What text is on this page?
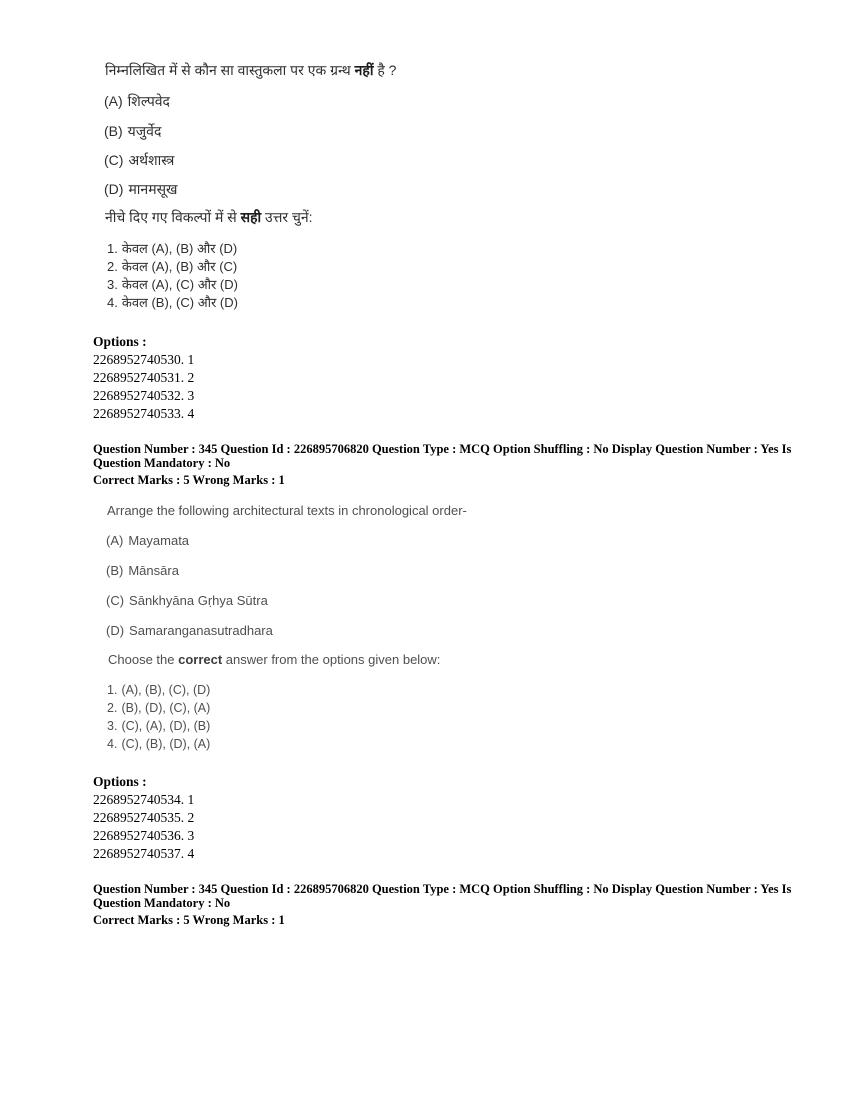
निम्नलिखित में से कौन सा वास्तुकला पर एक ग्रन्थ नहीं है ?
(A) शिल्पवेद
(B) यजुर्वेद
(C) अर्थशास्त्र
(D) मानमसूख
नीचे दिए गए विकल्पों में से सही उत्तर चुनें:
1. केवल (A), (B) और (D)
2. केवल (A), (B) और (C)
3. केवल (A), (C) और (D)
4. केवल (B), (C) और (D)
Options :
2268952740530. 1
2268952740531. 2
2268952740532. 3
2268952740533. 4
Question Number : 345 Question Id : 226895706820 Question Type : MCQ Option Shuffling : No Display Question Number : Yes Is
Question Mandatory : No
Correct Marks : 5 Wrong Marks : 1
Arrange the following architectural texts in chronological order-
(A) Mayamata
(B) Mānsāra
(C) Sānkhyāna Gṛhya Sūtra
(D) Samaranganasutradhara
Choose the correct answer from the options given below:
1. (A), (B), (C), (D)
2. (B), (D), (C), (A)
3. (C), (A), (D), (B)
4. (C), (B), (D), (A)
Options :
2268952740534. 1
2268952740535. 2
2268952740536. 3
2268952740537. 4
Question Number : 345 Question Id : 226895706820 Question Type : MCQ Option Shuffling : No Display Question Number : Yes Is
Question Mandatory : No
Correct Marks : 5 Wrong Marks : 1
